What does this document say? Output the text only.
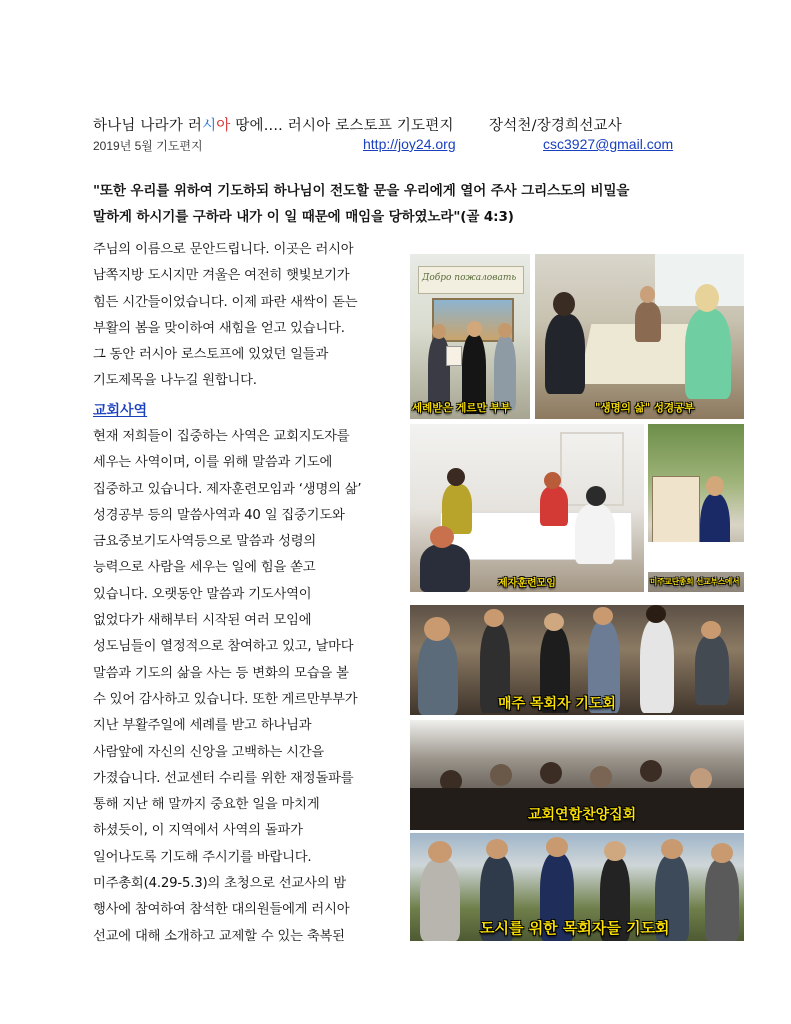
하나님 나라가 러시아 땅에.... 러시아 로스토프 기도편지 장석천/장경희선교사
2019년 5월 기도편지	http://joy24.org	csc3927@gmail.com
"또한 우리를 위하여 기도하되 하나님이 전도할 문을 우리에게 열어 주사 그리스도의 비밀을
말하게 하시기를 구하라 내가 이 일 때문에 매임을 당하였노라"(골 4:3)
주님의 이름으로 문안드립니다. 이곳은 러시아
남쪽지방 도시지만 겨울은 여전히 햇빛보기가
힘든 시간들이었습니다. 이제 파란 새싹이 돋는
부활의 봄을 맞이하여 새힘을 얻고 있습니다.
그 동안 러시아 로스토프에 있었던 일들과
기도제목을 나누길 원합니다.
교회사역
현재 저희들이 집중하는 사역은 교회지도자를
세우는 사역이며, 이를 위해 말씀과 기도에
집중하고 있습니다. 제자훈련모임과 ‘생명의 삶’
성경공부 등의 말씀사역과 40 일 집중기도와
금요중보기도사역등으로 말씀과 성령의
능력으로 사람을 세우는 일에 힘을 쏟고
있습니다. 오랫동안 말씀과 기도사역이
없었다가 새해부터 시작된 여러 모임에
성도님들이 열정적으로 참여하고 있고, 날마다
말씀과 기도의 삶을 사는 등 변화의 모습을 볼
수 있어 감사하고 있습니다. 또한 게르만부부가
지난 부활주일에 세례를 받고 하나님과
사람앞에 자신의 신앙을 고백하는 시간을
가졌습니다. 선교센터 수리를 위한 재정돌파를
통해 지난 해 말까지 중요한 일을 마치게
하셨듯이, 이 지역에서 사역의 돌파가
일어나도록 기도해 주시기를 바랍니다.
미주총회(4.29-5.3)의 초청으로 선교사의 밤
행사에 참여하여 참석한 대의원들에게 러시아
선교에 대해 소개하고 교제할 수 있는 축복된
Добро пожаловать
세례받은 게르만 부부	"생명의 삶" 성경공부
제자훈련모임	미주교단총회 선교부스에서
매주 목회자 기도회
교회연합찬양집회
도시를 위한 목회자들 기도회
